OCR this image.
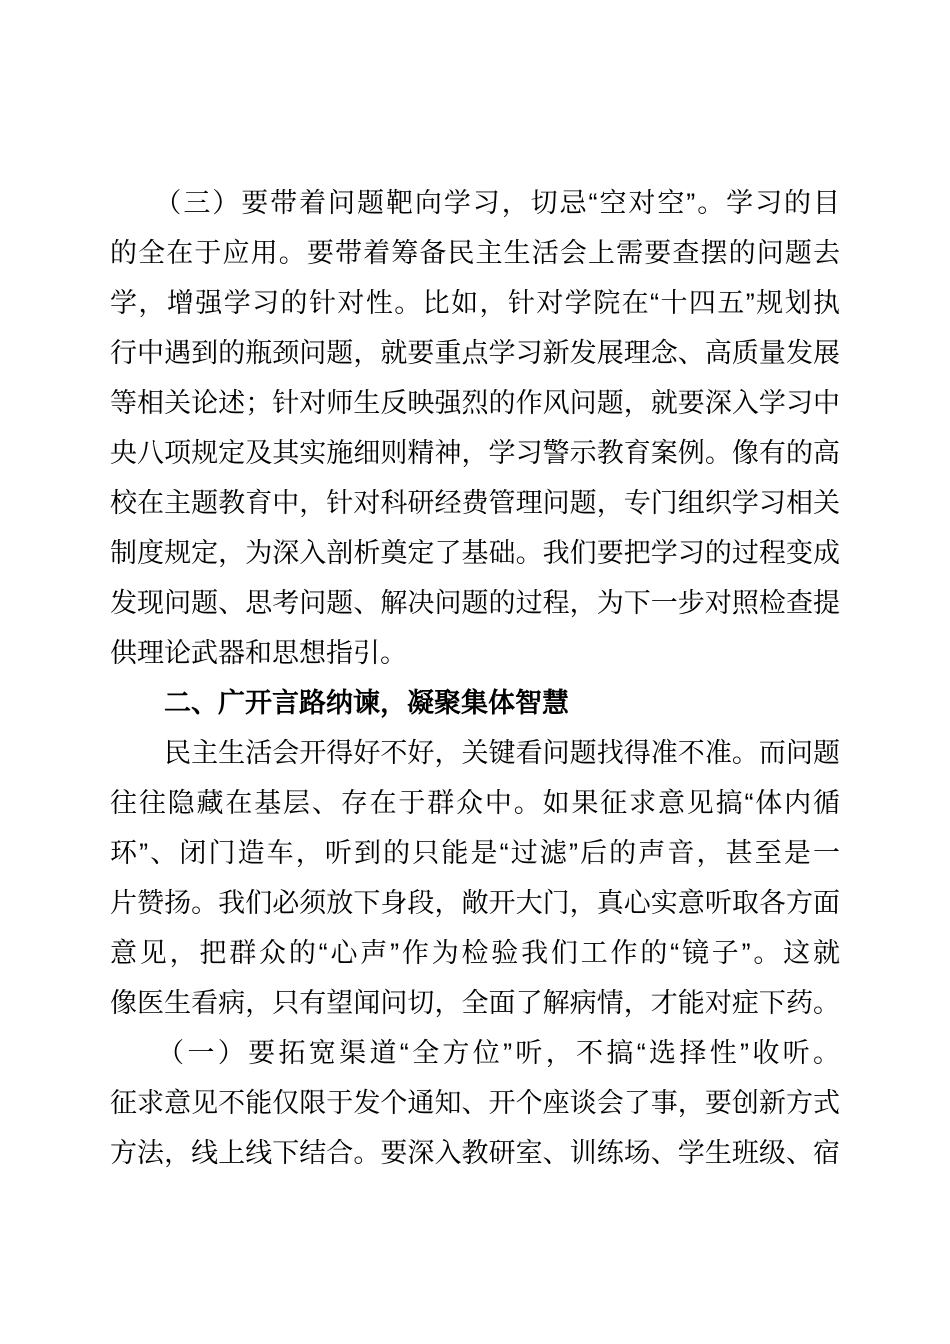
　　（三）要带着问题靶向学习，切忌“空对空”。学习的目
的全在于应用。要带着筹备民主生活会上需要查摆的问题去
学，增强学习的针对性。比如，针对学院在“十四五”规划执
行中遇到的瓶颈问题，就要重点学习新发展理念、高质量发展
等相关论述；针对师生反映强烈的作风问题，就要深入学习中
央八项规定及其实施细则精神，学习警示教育案例。像有的高
校在主题教育中，针对科研经费管理问题，专门组织学习相关
制度规定，为深入剖析奠定了基础。我们要把学习的过程变成
发现问题、思考问题、解决问题的过程，为下一步对照检查提
供理论武器和思想指引。
　　二、广开言路纳谏，凝聚集体智慧
　　民主生活会开得好不好，关键看问题找得准不准。而问题
往往隐藏在基层、存在于群众中。如果征求意见搞“体内循
环”、闭门造车，听到的只能是“过滤”后的声音，甚至是一
片赞扬。我们必须放下身段，敞开大门，真心实意听取各方面
意见，把群众的“心声”作为检验我们工作的“镜子”。这就
像医生看病，只有望闻问切，全面了解病情，才能对症下药。
　　（一）要拓宽渠道“全方位”听，不搞“选择性”收听。
征求意见不能仅限于发个通知、开个座谈会了事，要创新方式
方法，线上线下结合。要深入教研室、训练场、学生班级、宿
